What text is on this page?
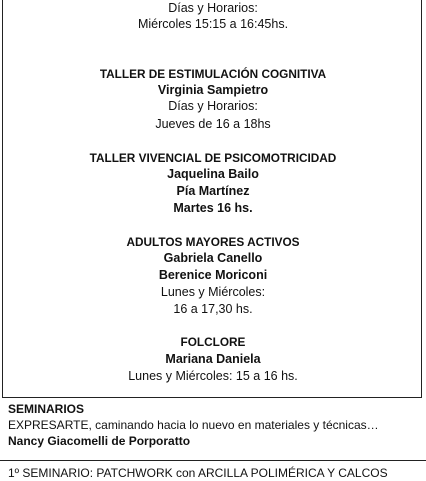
Días y Horarios:
Miércoles 15:15 a 16:45hs.
TALLER DE ESTIMULACIÓN COGNITIVA
Virginia Sampietro
Días y Horarios:
Jueves de 16 a 18hs
TALLER VIVENCIAL DE PSICOMOTRICIDAD
Jaquelina Bailo
Pía Martínez
Martes 16 hs.
ADULTOS MAYORES ACTIVOS
Gabriela Canello
Berenice Moriconi
Lunes y Miércoles:
16 a 17,30 hs.
FOLCLORE
Mariana Daniela
Lunes y Miércoles: 15 a 16 hs.
SEMINARIOS
EXPRESARTE, caminando hacia lo nuevo en materiales y técnicas…
Nancy Giacomelli de Porporatto
1º SEMINARIO: PATCHWORK con ARCILLA POLIMÉRICA Y CALCOS
